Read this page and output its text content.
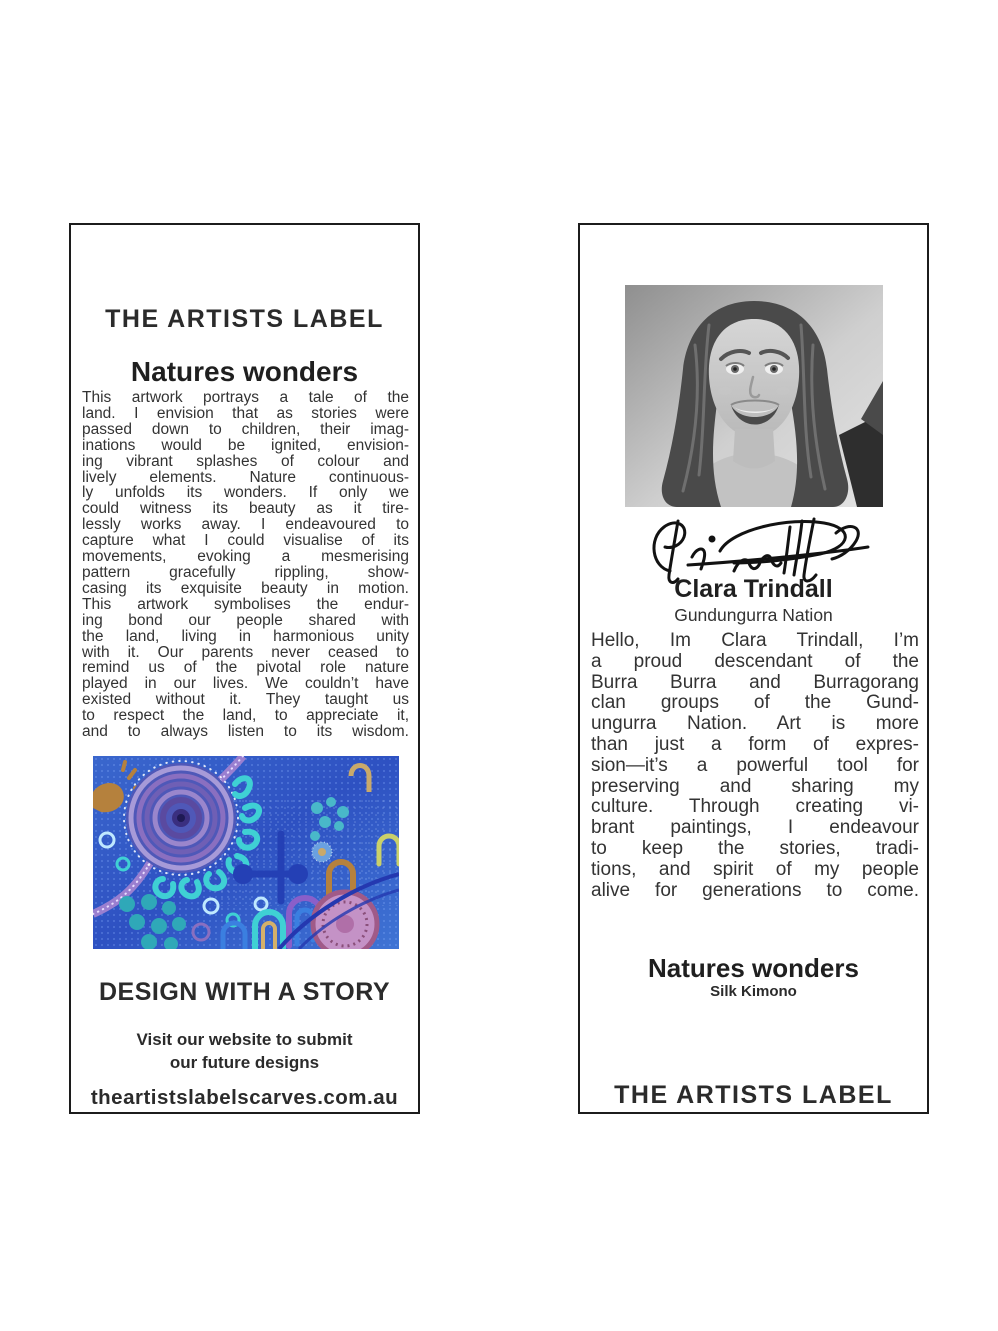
THE ARTISTS LABEL
Natures wonders
This artwork portrays a tale of the
land. I envision that as stories were
passed down to children, their imag-
inations would be ignited, envision-
ing vibrant splashes of colour and
lively elements. Nature continuous-
ly unfolds its wonders. If only we
could witness its beauty as it tire-
lessly works away. I endeavoured to
capture what I could visualise of its
movements, evoking a mesmerising
pattern gracefully rippling, show-
casing its exquisite beauty in motion.
This artwork symbolises the endur-
ing bond our people shared with
the land, living in harmonious unity
with it. Our parents never ceased to
remind us of the pivotal role nature
played in our lives. We couldn’t have
existed without it. They taught us
to respect the land, to appreciate it,
and to always listen to its wisdom.
DESIGN WITH A STORY
Visit our website to submit
our future designs
theartistslabelscarves.com.au
Clara Trindall
Gundungurra Nation
Hello, Im Clara Trindall, I’m
a proud descendant of the
Burra Burra and Burragorang
clan groups of the Gund-
ungurra Nation. Art is more
than just a form of expres-
sion—it’s a powerful tool for
preserving and sharing my
culture. Through creating vi-
brant paintings, I endeavour
to keep the stories, tradi-
tions, and spirit of my people
alive for generations to come.
Natures wonders
Silk Kimono
THE ARTISTS LABEL
